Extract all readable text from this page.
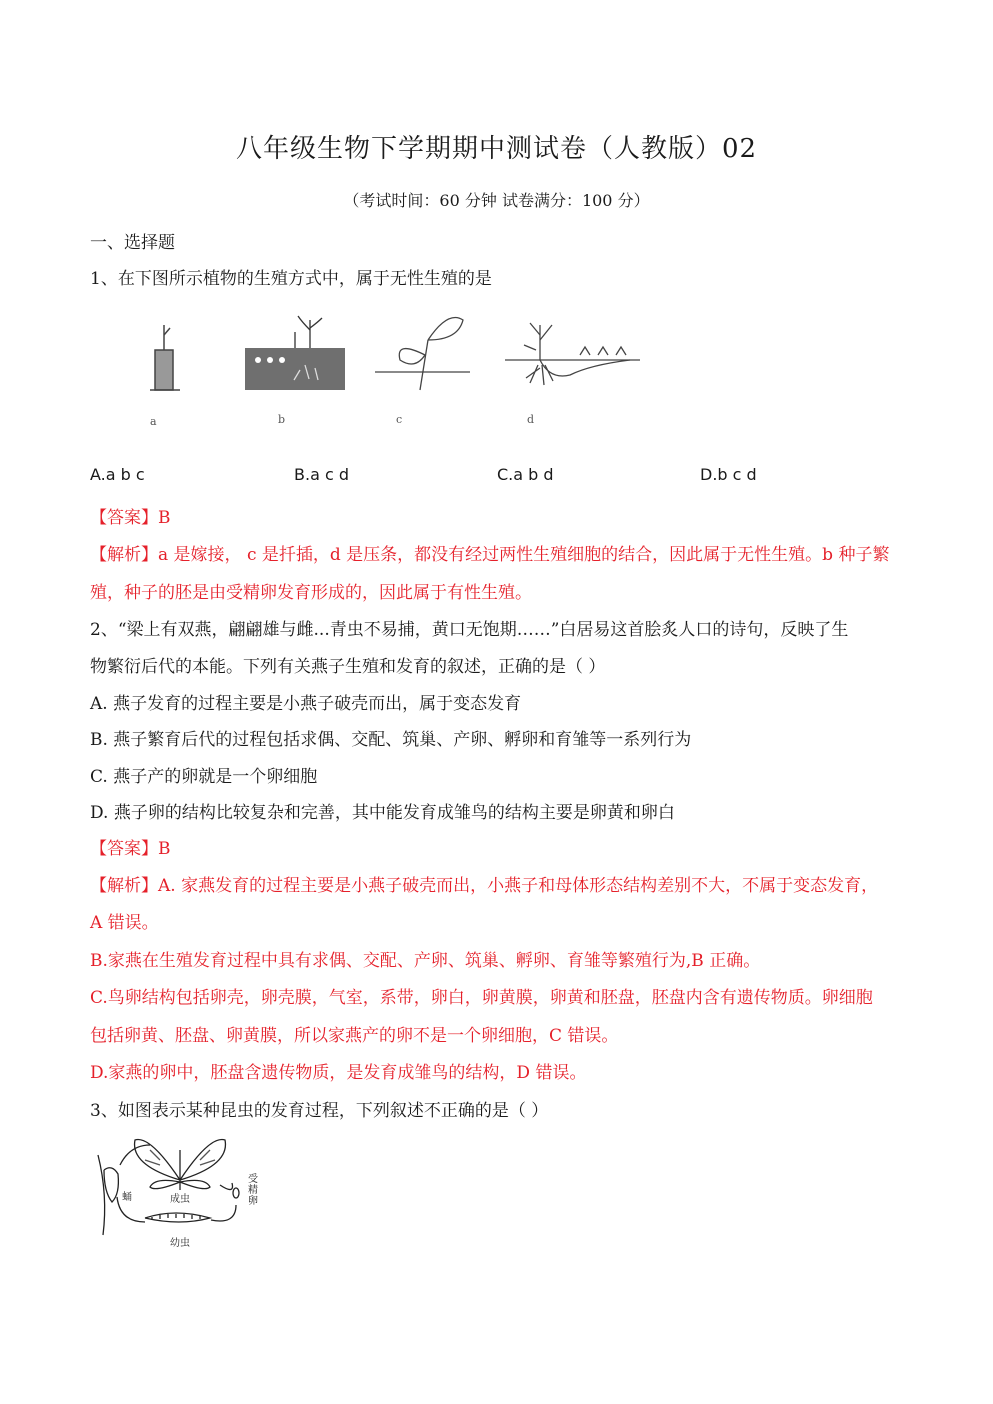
八年级生物下学期期中测试卷（人教版）02
（考试时间：60 分钟 试卷满分：100 分）
一、选择题
1、在下图所示植物的生殖方式中，属于无性生殖的是
a	b	c	d
A.a b c	B.a c d	C.a b d	D.b c d
【答案】B
【解析】a 是嫁接， c 是扦插，d 是压条，都没有经过两性生殖细胞的结合，因此属于无性生殖。b 种子繁
殖，种子的胚是由受精卵发育形成的，因此属于有性生殖。
2、“梁上有双燕，翩翩雄与雌...青虫不易捕，黄口无饱期……”白居易这首脍炙人口的诗句，反映了生
物繁衍后代的本能。下列有关燕子生殖和发育的叙述，正确的是（ ）
A. 燕子发育的过程主要是小燕子破壳而出，属于变态发育
B. 燕子繁育后代的过程包括求偶、交配、筑巢、产卵、孵卵和育雏等一系列行为
C. 燕子产的卵就是一个卵细胞
D. 燕子卵的结构比较复杂和完善，其中能发育成雏鸟的结构主要是卵黄和卵白
【答案】B
【解析】A. 家燕发育的过程主要是小燕子破壳而出，小燕子和母体形态结构差别不大，不属于变态发育，
A 错误。
B.家燕在生殖发育过程中具有求偶、交配、产卵、筑巢、孵卵、育雏等繁殖行为,B 正确。
C.鸟卵结构包括卵壳，卵壳膜，气室，系带，卵白，卵黄膜，卵黄和胚盘，胚盘内含有遗传物质。卵细胞
包括卵黄、胚盘、卵黄膜，所以家燕产的卵不是一个卵细胞，C 错误。
D.家燕的卵中，胚盘含遗传物质，是发育成雏鸟的结构，D 错误。
3、如图表示某种昆虫的发育过程，下列叙述不正确的是（ ）
成虫
蛹
受精卵
幼虫
